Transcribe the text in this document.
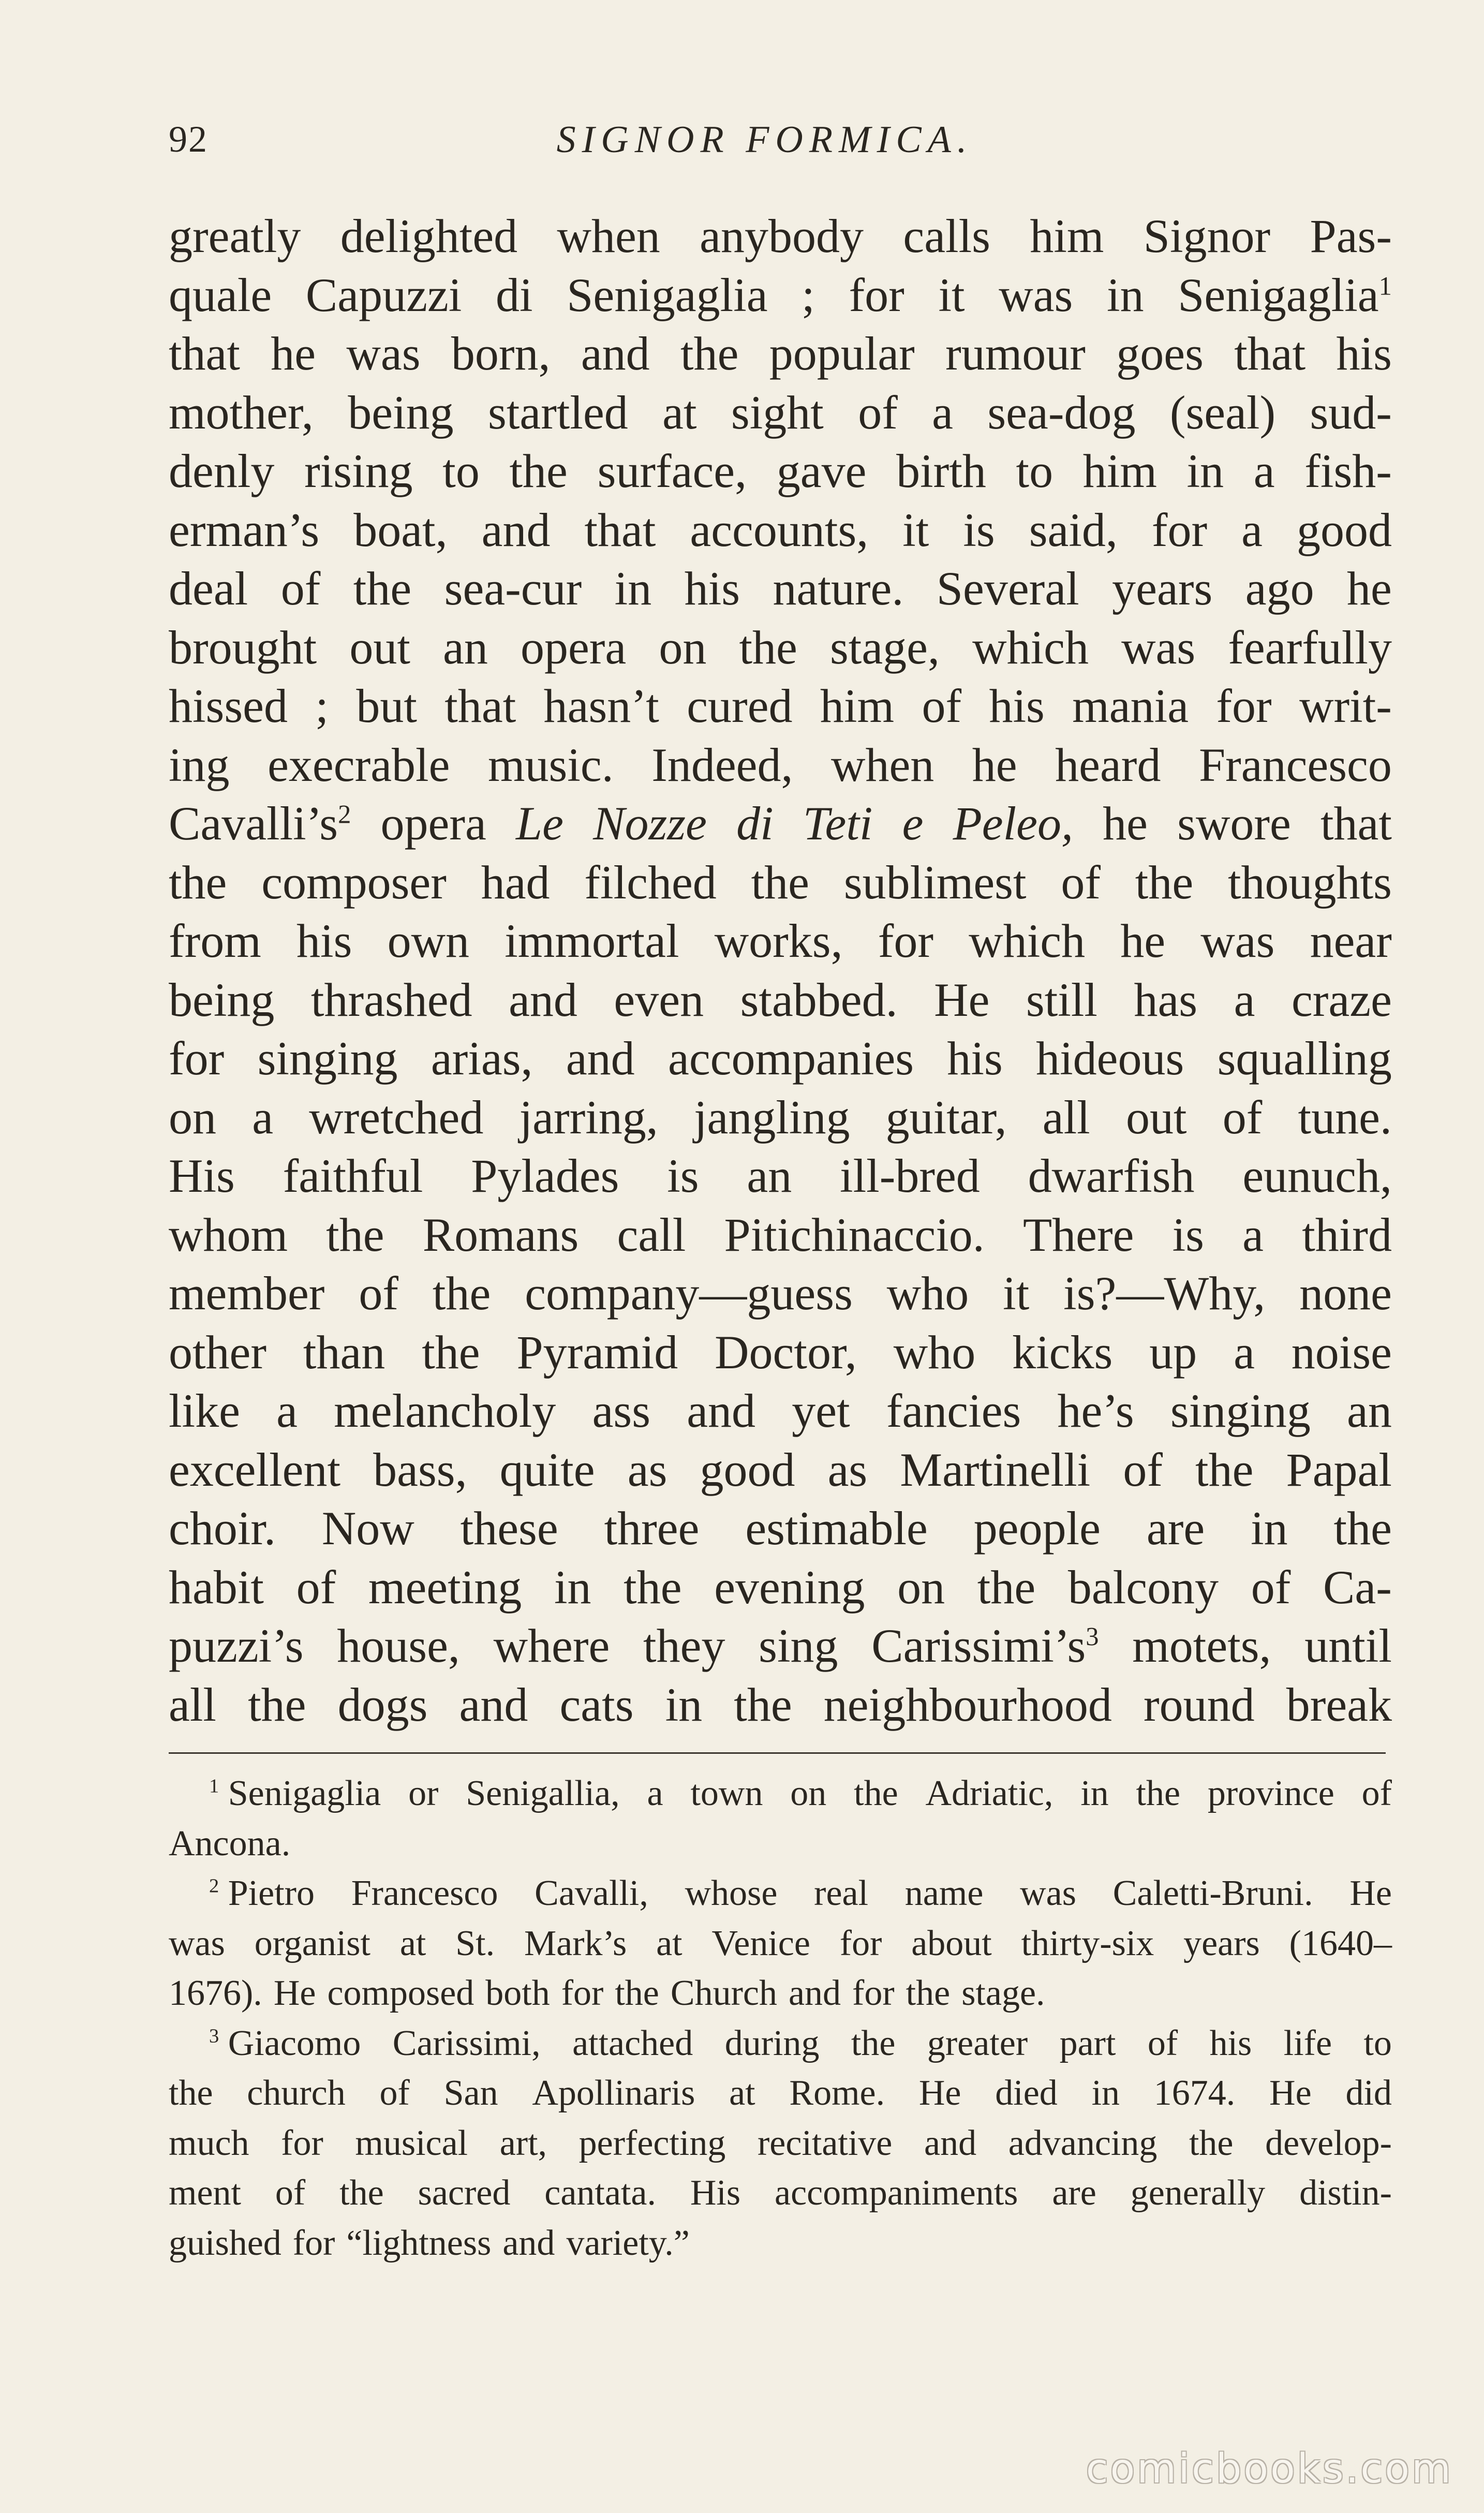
92	SIGNOR FORMICA.
greatly delighted when anybody calls him Signor Pas-
quale Capuzzi di Senigaglia ; for it was in Senigaglia$^1$
that he was born, and the popular rumour goes that his
mother, being startled at sight of a sea-dog (seal) sud-
denly rising to the surface, gave birth to him in a fish-
erman’s boat, and that accounts, it is said, for a good
deal of the sea-cur in his nature. Several years ago he
brought out an opera on the stage, which was fearfully
hissed ; but that hasn’t cured him of his mania for writ-
ing execrable music. Indeed, when he heard Francesco
$Cavalli’s^2$ opera Le Nozze di Teti e Peleo, he swore that
the composer had filched the sublimest of the thoughts
from his own immortal works, for which he was near
being thrashed and even stabbed. He still has a craze
for singing arias, and accompanies his hideous squalling
on a wretched jarring, jangling guitar, all out of tune.
His faithful Pylades is an ill-bred dwarfish eunuch,
whom the Romans call Pitichinaccio. There is a third
member of the company—guess who it is?—Why, none
other than the Pyramid Doctor, who kicks up a noise
like a melancholy ass and yet fancies he’s singing an
excellent bass, quite as good as Martinelli of the Papal
choir. Now these three estimable people are in the
habit of meeting in the evening on the balcony of Ca-
puzzi’s house, where they sing $Carissimi’s^3$ motets, until
all the dogs and cats in the neighbourhood round break
$^1$ Senigaglia or Senigallia, a town on the Adriatic, in the province of
Ancona.
$^2$ Pietro Francesco Cavalli, whose real name was Caletti-Bruni. He
was organist at St. Mark’s at Venice for about thirty-six years (1640–
1676). He composed both for the Church and for the stage.
$^3$ Giacomo Carissimi, attached during the greater part of his life to
the church of San Apollinaris at Rome. He died in 1674. He did
much for musical art, perfecting recitative and advancing the develop-
ment of the sacred cantata. His accompaniments are generally distin-
guished for “lightness and variety.”
comicbooks.com
